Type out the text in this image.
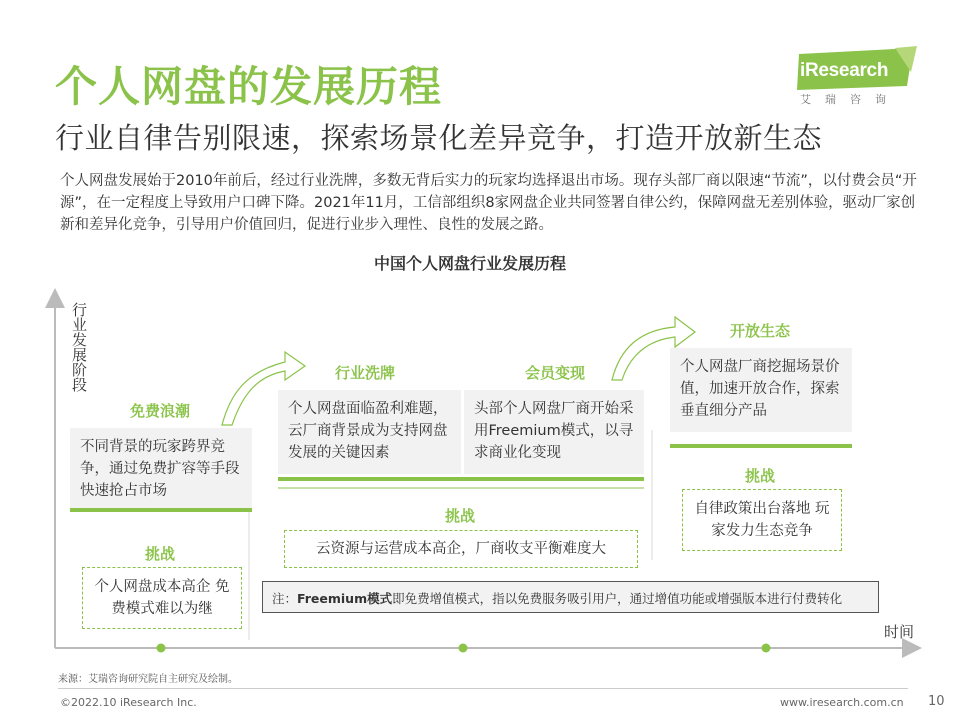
个人网盘的发展历程
行业自律告别限速，探索场景化差异竞争，打造开放新生态
iResearch
艾瑞咨询
个人网盘发展始于2010年前后，经过行业洗牌，多数无背后实力的玩家均选择退出市场。现存头部厂商以限速“节流”，以付费会员“开源”，在一定程度上导致用户口碑下降。2021年11月，工信部组织8家网盘企业共同签署自律公约，保障网盘无差别体验，驱动厂家创新和差异化竞争，引导用户价值回归，促进行业步入理性、良性的发展之路。
中国个人网盘行业发展历程
行业发展阶段
时间
免费浪潮
不同背景的玩家跨界竞争，通过免费扩容等手段快速抢占市场
挑战
个人网盘成本高企 免费模式难以为继
行业洗牌
个人网盘面临盈利难题，云厂商背景成为支持网盘发展的关键因素
会员变现
头部个人网盘厂商开始采用Freemium模式，以寻求商业化变现
挑战
云资源与运营成本高企，厂商收支平衡难度大
开放生态
个人网盘厂商挖掘场景价值，加速开放合作，探索垂直细分产品
挑战
自律政策出台落地 玩家发力生态竞争
注：Freemium模式即免费增值模式，指以免费服务吸引用户，通过增值功能或增强版本进行付费转化
来源：艾瑞咨询研究院自主研究及绘制。
©2022.10 iResearch Inc.	www.iresearch.com.cn 10
